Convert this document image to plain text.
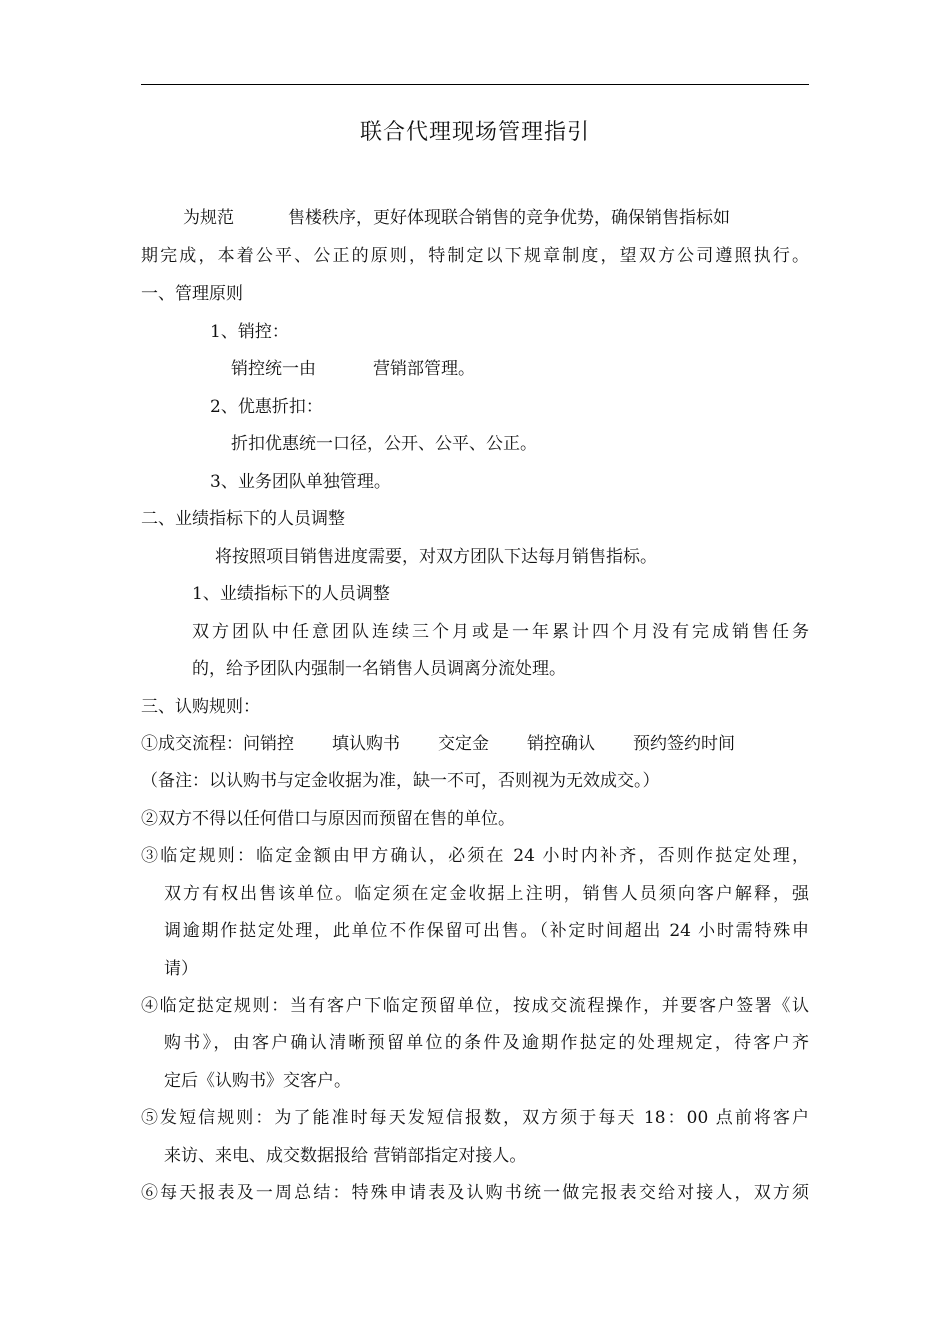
联合代理现场管理指引
为规范	售楼秩序，更好体现联合销售的竞争优势，确保销售指标如
期完成，本着公平、公正的原则，特制定以下规章制度，望双方公司遵照执行。
一、管理原则
1、销控：
销控统一由	营销部管理。
2、优惠折扣：
折扣优惠统一口径，公开、公平、公正。
3、业务团队单独管理。
二、业绩指标下的人员调整
将按照项目销售进度需要，对双方团队下达每月销售指标。
1、业绩指标下的人员调整
双方团队中任意团队连续三个月或是一年累计四个月没有完成销售任务
的，给予团队内强制一名销售人员调离分流处理。
三、认购规则：
①成交流程：问销控 填认购书 交定金 销控确认 预约签约时间
（备注：以认购书与定金收据为准，缺一不可，否则视为无效成交。）
②双方不得以任何借口与原因而预留在售的单位。
③临定规则：临定金额由甲方确认，必须在 24 小时内补齐，否则作挞定处理，
双方有权出售该单位。临定须在定金收据上注明，销售人员须向客户解释，强
调逾期作挞定处理，此单位不作保留可出售。（补定时间超出 24 小时需特殊申
请）
④临定挞定规则：当有客户下临定预留单位，按成交流程操作，并要客户签署《认
购书》，由客户确认清晰预留单位的条件及逾期作挞定的处理规定，待客户齐
定后《认购书》交客户。
⑤发短信规则：为了能准时每天发短信报数，双方须于每天 18：00 点前将客户
来访、来电、成交数据报给 营销部指定对接人。
⑥每天报表及一周总结：特殊申请表及认购书统一做完报表交给对接人，双方须
